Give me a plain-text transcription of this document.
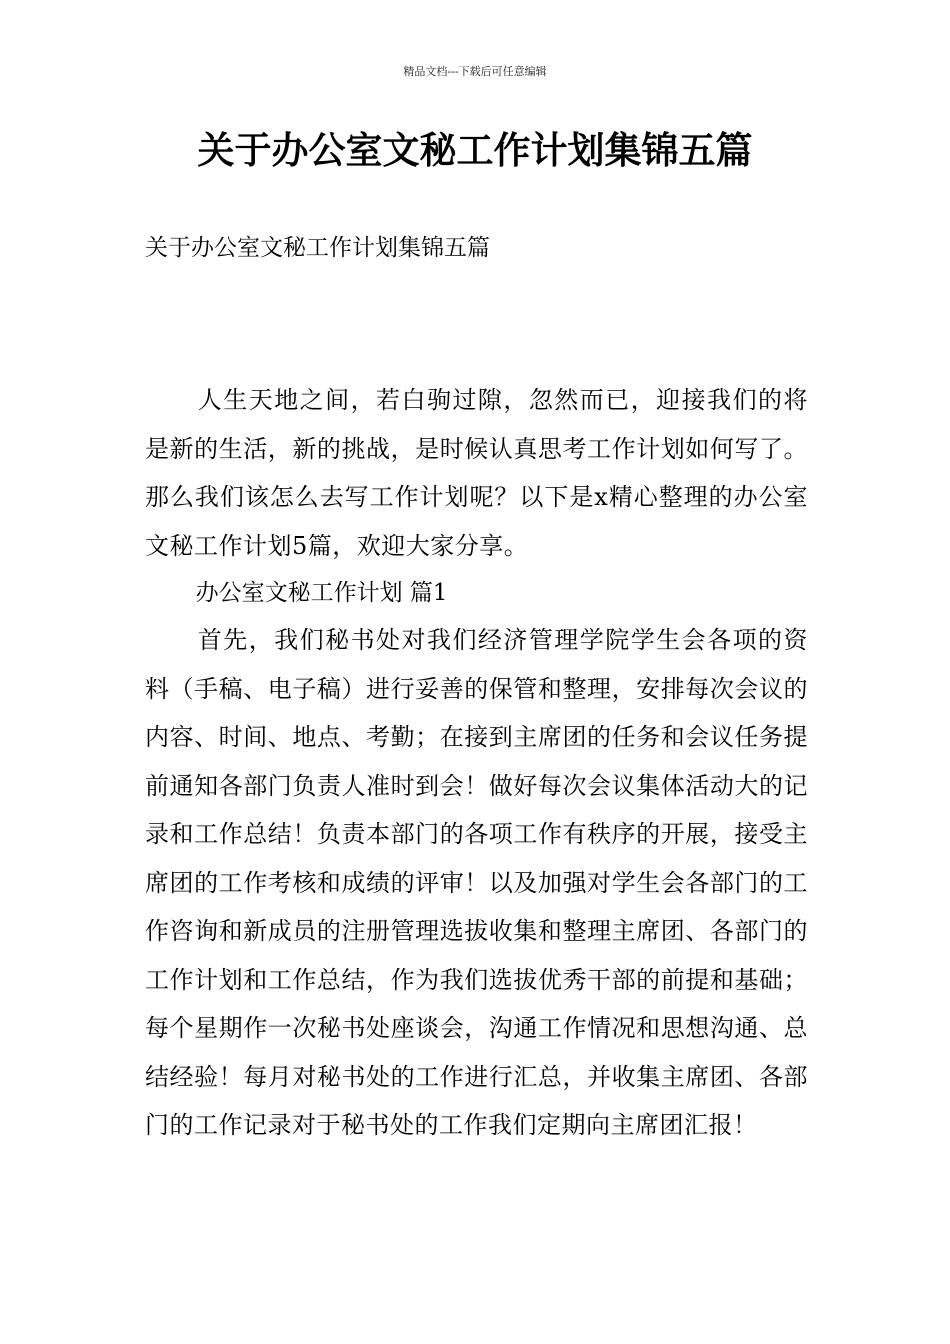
精品文档---下载后可任意编辑
关于办公室文秘工作计划集锦五篇

关于办公室文秘工作计划集锦五篇

人生天地之间，若白驹过隙，忽然而已，迎接我们的将是新的生活，新的挑战，是时候认真思考工作计划如何写了。那么我们该怎么去写工作计划呢？以下是x精心整理的办公室文秘工作计划5篇，欢迎大家分享。

办公室文秘工作计划 篇1

首先，我们秘书处对我们经济管理学院学生会各项的资料（手稿、电子稿）进行妥善的保管和整理，安排每次会议的内容、时间、地点、考勤；在接到主席团的任务和会议任务提前通知各部门负责人准时到会！做好每次会议集体活动大的记录和工作总结！负责本部门的各项工作有秩序的开展，接受主席团的工作考核和成绩的评审！以及加强对学生会各部门的工作咨询和新成员的注册管理选拔收集和整理主席团、各部门的工作计划和工作总结，作为我们选拔优秀干部的前提和基础；每个星期作一次秘书处座谈会，沟通工作情况和思想沟通、总结经验！每月对秘书处的工作进行汇总，并收集主席团、各部门的工作记录对于秘书处的工作我们定期向主席团汇报！
